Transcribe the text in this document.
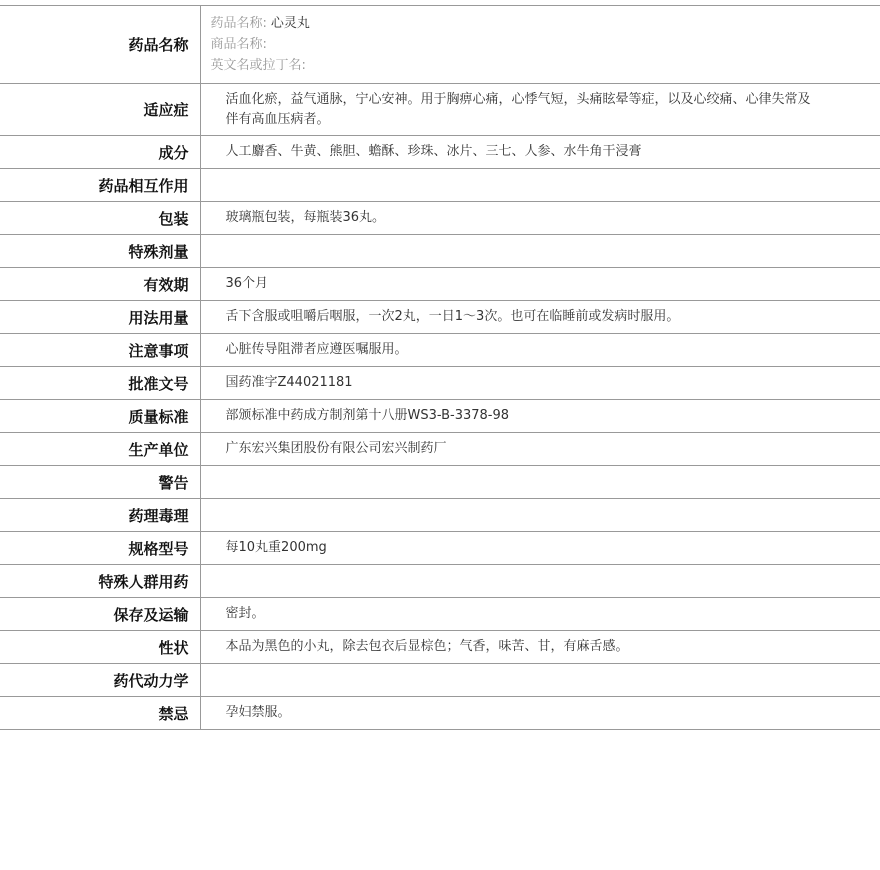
药品名称	药品名称: 心灵丸
商品名称:
英文名或拉丁名:

适应症	活血化瘀，益气通脉，宁心安神。用于胸痹心痛，心悸气短，头痛眩晕等症，以及心绞痛、心律失常及伴有高血压病者。
成分	人工麝香、牛黄、熊胆、蟾酥、珍珠、冰片、三七、人参、水牛角干浸膏
药品相互作用	
包装	玻璃瓶包装，每瓶装36丸。
特殊剂量	
有效期	36个月
用法用量	舌下含服或咀嚼后咽服，一次2丸，一日1～3次。也可在临睡前或发病时服用。
注意事项	心脏传导阻滞者应遵医嘱服用。
批准文号	国药准字Z44021181
质量标准	部颁标准中药成方制剂第十八册WS3-B-3378-98
生产单位	广东宏兴集团股份有限公司宏兴制药厂
警告	
药理毒理	
规格型号	每10丸重200mg
特殊人群用药	
保存及运输	密封。
性状	本品为黑色的小丸，除去包衣后显棕色；气香，味苦、甘，有麻舌感。
药代动力学	
禁忌	孕妇禁服。
